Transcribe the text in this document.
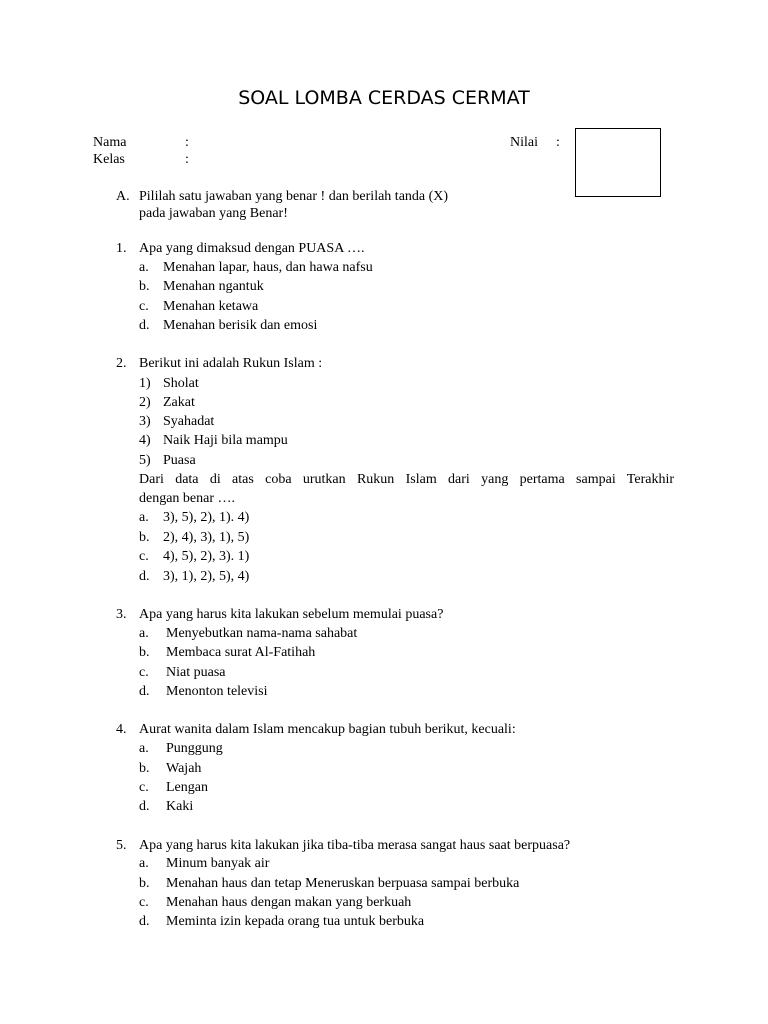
SOAL LOMBA CERDAS CERMAT
Nama	:
Kelas	:
Nilai :
A. Pililah satu jawaban yang benar ! dan berilah tanda (X)
pada jawaban yang Benar!
1. Apa yang dimaksud dengan PUASA ….
a. Menahan lapar, haus, dan hawa nafsu
b. Menahan ngantuk
c. Menahan ketawa
d. Menahan berisik dan emosi
2. Berikut ini adalah Rukun Islam :
1) Sholat
2) Zakat
3) Syahadat
4) Naik Haji bila mampu
5) Puasa
Dari data di atas coba urutkan Rukun Islam dari yang pertama sampai Terakhir
dengan benar ….
a. 3), 5), 2), 1). 4)
b. 2), 4), 3), 1), 5)
c. 4), 5), 2), 3). 1)
d. 3), 1), 2), 5), 4)
3. Apa yang harus kita lakukan sebelum memulai puasa?
a. Menyebutkan nama-nama sahabat
b. Membaca surat Al-Fatihah
c. Niat puasa
d. Menonton televisi
4. Aurat wanita dalam Islam mencakup bagian tubuh berikut, kecuali:
a. Punggung
b. Wajah
c. Lengan
d. Kaki
5. Apa yang harus kita lakukan jika tiba-tiba merasa sangat haus saat berpuasa?
a. Minum banyak air
b. Menahan haus dan tetap Meneruskan berpuasa sampai berbuka
c. Menahan haus dengan makan yang berkuah
d. Meminta izin kepada orang tua untuk berbuka
